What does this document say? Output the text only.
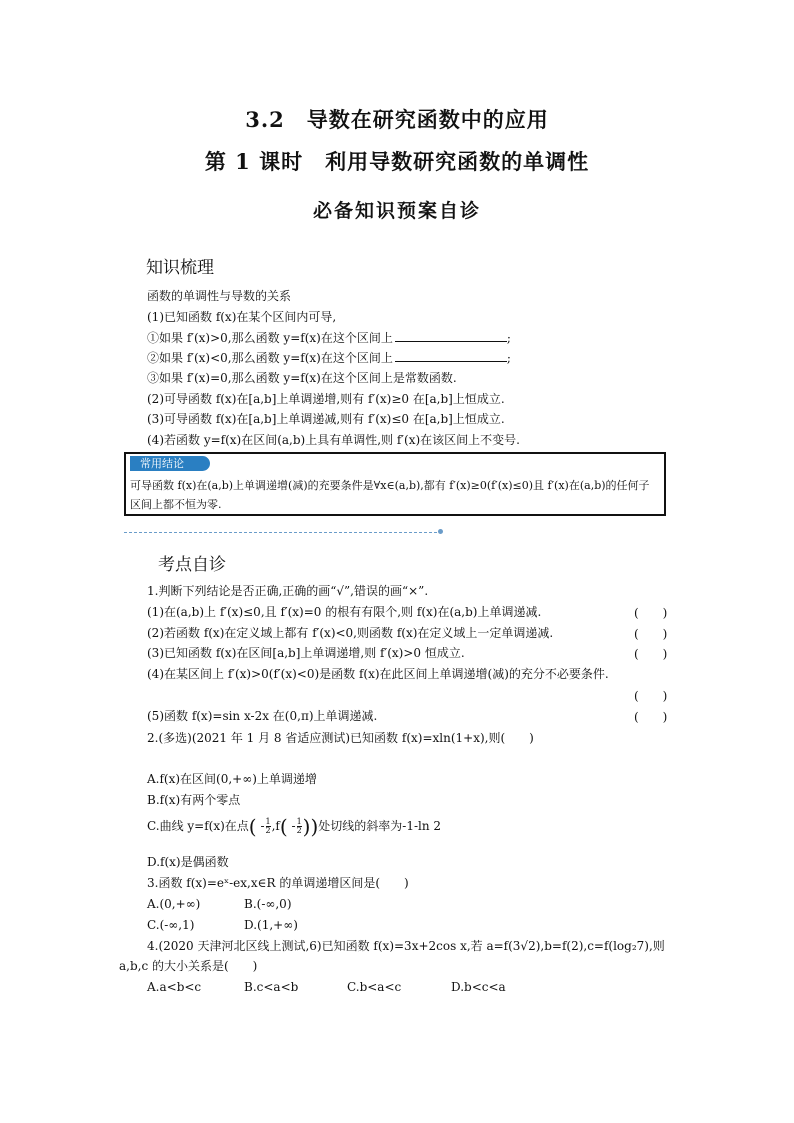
3.2　导数在研究函数中的应用
第 1 课时　利用导数研究函数的单调性
必备知识预案自诊
知识梳理
函数的单调性与导数的关系
(1)已知函数 f(x)在某个区间内可导,
①如果 f′(x)>0,那么函数 y=f(x)在这个区间上	;
②如果 f′(x)<0,那么函数 y=f(x)在这个区间上	;
③如果 f′(x)=0,那么函数 y=f(x)在这个区间上是常数函数.
(2)可导函数 f(x)在[a,b]上单调递增,则有 f′(x)≥0 在[a,b]上恒成立.
(3)可导函数 f(x)在[a,b]上单调递减,则有 f′(x)≤0 在[a,b]上恒成立.
(4)若函数 y=f(x)在区间(a,b)上具有单调性,则 f′(x)在该区间上不变号.
常用结论
可导函数 f(x)在(a,b)上单调递增(减)的充要条件是∀x∈(a,b),都有 f′(x)≥0(f′(x)≤0)且 f′(x)在(a,b)的任何子区间上都不恒为零.
考点自诊
1.判断下列结论是否正确,正确的画“√”,错误的画“×”.
(1)在(a,b)上 f′(x)≤0,且 f′(x)=0 的根有有限个,则 f(x)在(a,b)上单调递减.	(　　)
(2)若函数 f(x)在定义域上都有 f′(x)<0,则函数 f(x)在定义域上一定单调递减.	(　　)
(3)已知函数 f(x)在区间[a,b]上单调递增,则 f′(x)>0 恒成立.	(　　)
(4)在某区间上 f′(x)>0(f′(x)<0)是函数 f(x)在此区间上单调递增(减)的充分不必要条件.
(　　)
(5)函数 f(x)=sin x-2x 在(0,π)上单调递减.	(　　)
2.(多选)(2021 年 1 月 8 省适应测试)已知函数 f(x)=xln(1+x),则(　　)
A.f(x)在区间(0,+∞)上单调递增
B.f(x)有两个零点
C.曲线 y=f(x)在点( - $\frac{1}{2} ,f( - \frac{1}{2}$ ))处切线的斜率为-1-ln 2
D.f(x)是偶函数
3.函数 f(x)=eˣ-ex,x∈R 的单调递增区间是(　　)
A.(0,+∞)	B.(-∞,0)
C.(-∞,1)	D.(1,+∞)
4.(2020 天津河北区线上测试,6)已知函数 f(x)=3x+2cos x,若 a=f(3√2),b=f(2),c=f(log₂7),则
a,b,c 的大小关系是(　　)
A.a<b<c	B.c<a<b	C.b<a<c	D.b<c<a
